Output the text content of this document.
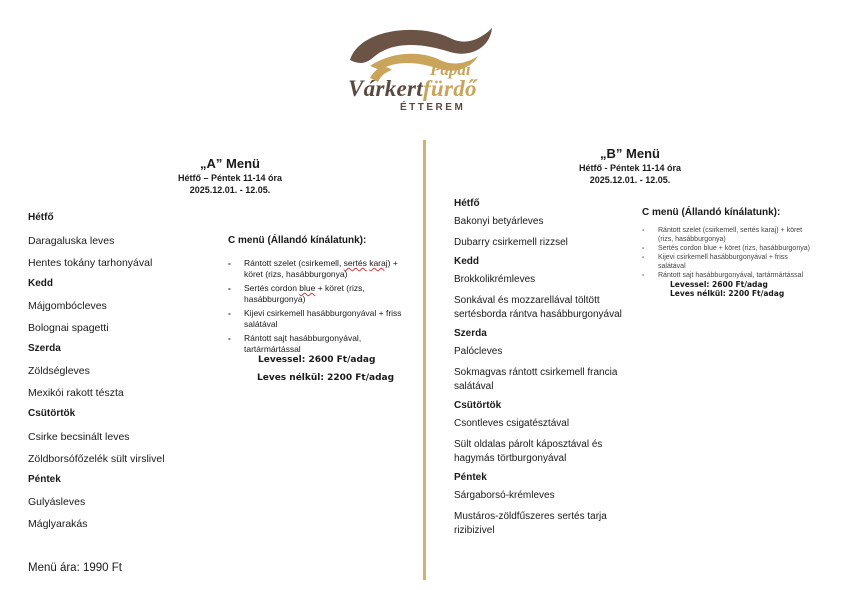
Pápai
Várkertfürdő
ÉTTEREM
„A” Menü
Hétfő – Péntek 11-14 óra
2025.12.01. - 12.05.
Hétfő
Daragaluska leves
Hentes tokány tarhonyával
Kedd
Májgombócleves
Bolognai spagetti
Szerda
Zöldségleves
Mexikói rakott tészta
Csütörtök
Csirke becsinált leves
Zöldborsófőzelék sült virslivel
Péntek
Gulyásleves
Máglyarakás
Menü ára: 1990 Ft
C menü (Állandó kínálatunk):
- Rántott szelet (csirkemell, sertés karaj) + köret (rizs, hasábburgonya)
- Sertés cordon blue + köret (rizs, hasábburgonya)
- Kijevi csirkemell hasábburgonyával + friss salátával
- Rántott sajt hasábburgonyával, tartármártással
Levessel: 2600 Ft/adag
Leves nélkül: 2200 Ft/adag
„B” Menü
Hétfő - Péntek 11-14 óra
2025.12.01. - 12.05.
Hétfő
Bakonyi betyárleves
Dubarry csirkemell rizzsel
Kedd
Brokkolikrémleves
Sonkával és mozzarellával töltött sertésborda rántva hasábburgonyával
Szerda
Palócleves
Sokmagvas rántott csirkemell francia salátával
Csütörtök
Csontleves csigatésztával
Sült oldalas párolt káposztával és hagymás törtburgonyával
Péntek
Sárgaborsó-krémleves
Mustáros-zöldfűszeres sertés tarja rizibizivel
C menü (Állandó kínálatunk):
- Rántott szelet (csirkemell, sertés karaj) + köret (rizs, hasábburgonya)
- Sertés cordon blue + köret (rizs, hasábburgonya)
- Kijevi csirkemell hasábburgonyával + friss salátával
- Rántott sajt hasábburgonyával, tartármártással
Levessel: 2600 Ft/adag
Leves nélkül: 2200 Ft/adag
